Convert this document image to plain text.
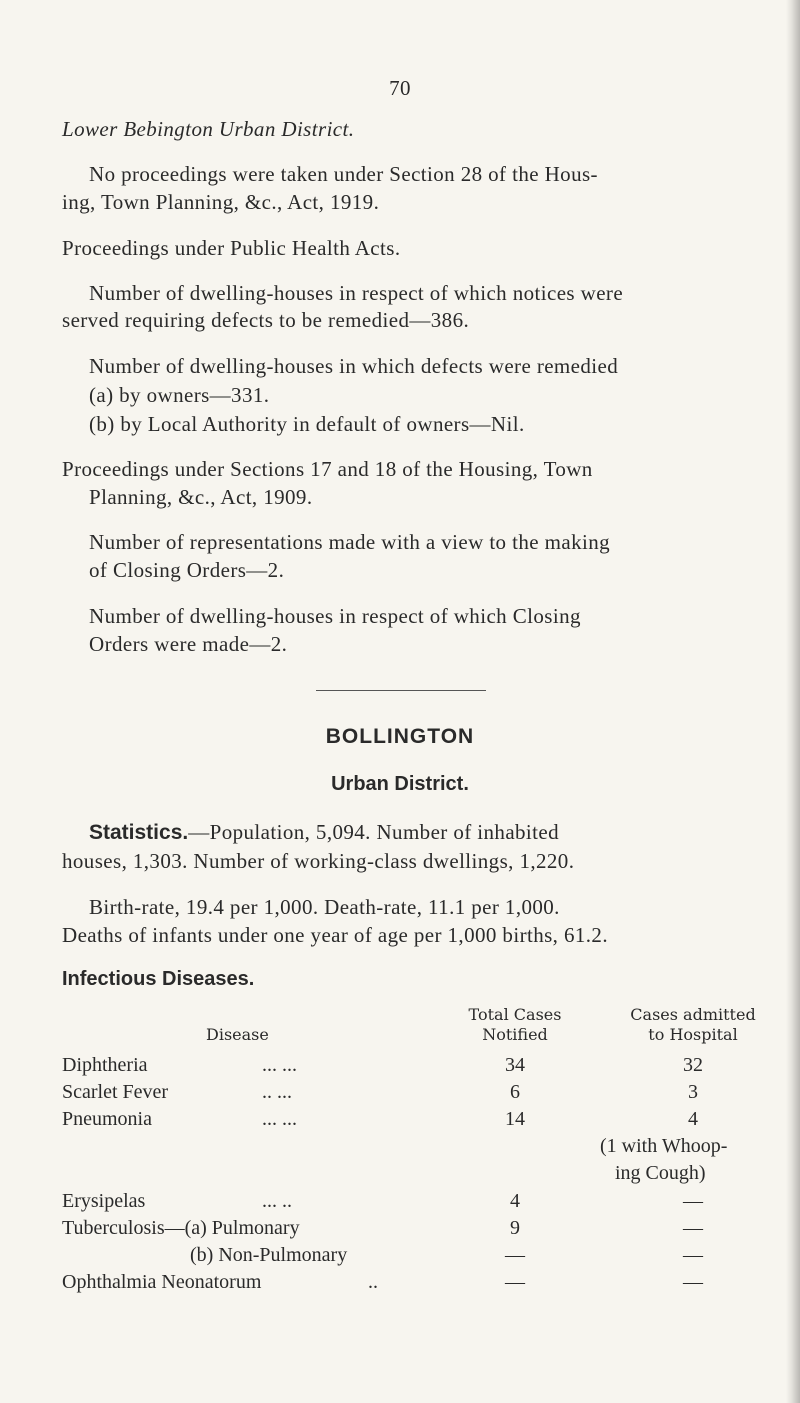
70
Lower Bebington Urban District.
No proceedings were taken under Section 28 of the Hous-
ing, Town Planning, &c., Act, 1919.
Proceedings under Public Health Acts.
Number of dwelling-houses in respect of which notices were
served requiring defects to be remedied—386.
Number of dwelling-houses in which defects were remedied
(a) by owners—331.
(b) by Local Authority in default of owners—Nil.
Proceedings under Sections 17 and 18 of the Housing, Town
Planning, &c., Act, 1909.
Number of representations made with a view to the making
of Closing Orders—2.
Number of dwelling-houses in respect of which Closing
Orders were made—2.
BOLLINGTON
Urban District.
Statistics.—Population, 5,094. Number of inhabited
houses, 1,303. Number of working-class dwellings, 1,220.
Birth-rate, 19.4 per 1,000. Death-rate, 11.1 per 1,000.
Deaths of infants under one year of age per 1,000 births, 61.2.
Infectious Diseases.
Disease
Total Cases
Notified
Cases admitted
to Hospital
Diphtheria	... ...	34	32
Scarlet Fever	.. ...	6	3
Pneumonia	... ...	14	4
(1 with Whoop-
ing Cough)
Erysipelas	... ..	4	—
Tuberculosis—(a) Pulmonary	9	—
(b) Non-Pulmonary	—	—
Ophthalmia Neonatorum	..	—	—
